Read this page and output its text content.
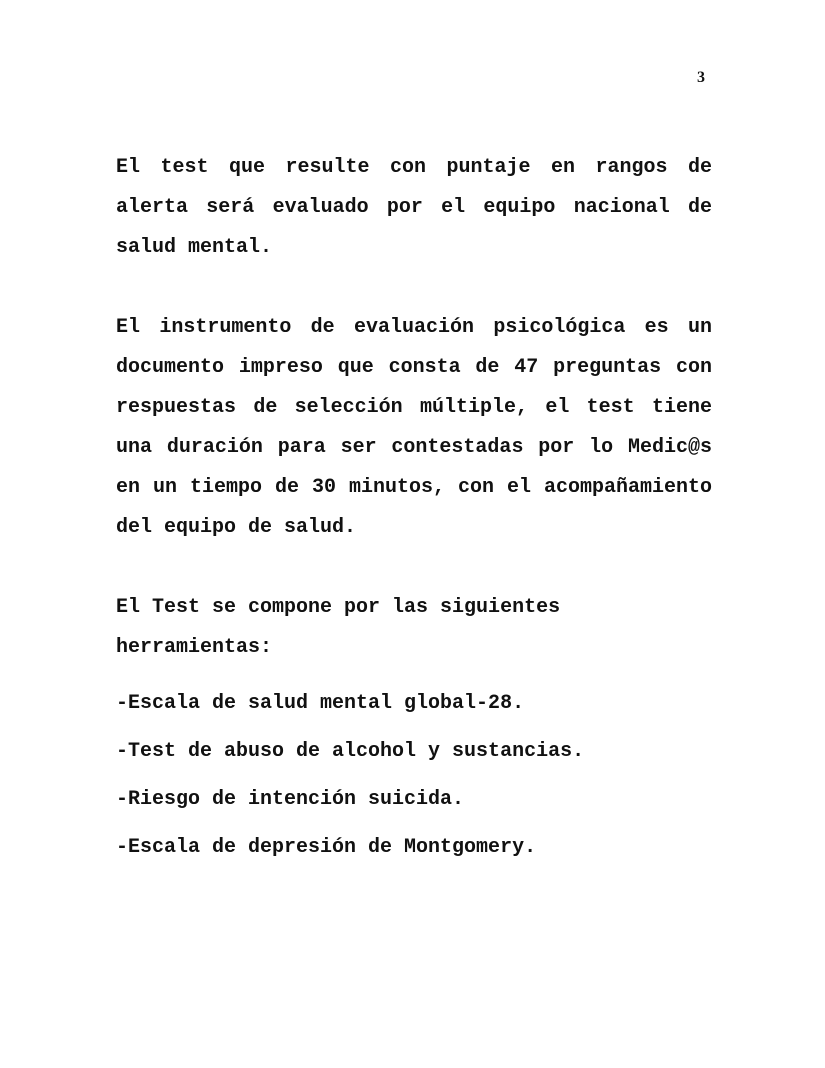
3

El test que resulte con puntaje en rangos de alerta será evaluado por el equipo nacional de salud mental.

El instrumento de evaluación psicológica es un documento impreso que consta de 47 preguntas con respuestas de selección múltiple, el test tiene una duración para ser contestadas por lo Medic@s en un tiempo de 30 minutos, con el acompañamiento del equipo de salud.

El Test se compone por las siguientes herramientas:

-Escala de salud mental global-28.
-Test de abuso de alcohol y sustancias.
-Riesgo de intención suicida.
-Escala de depresión de Montgomery.
